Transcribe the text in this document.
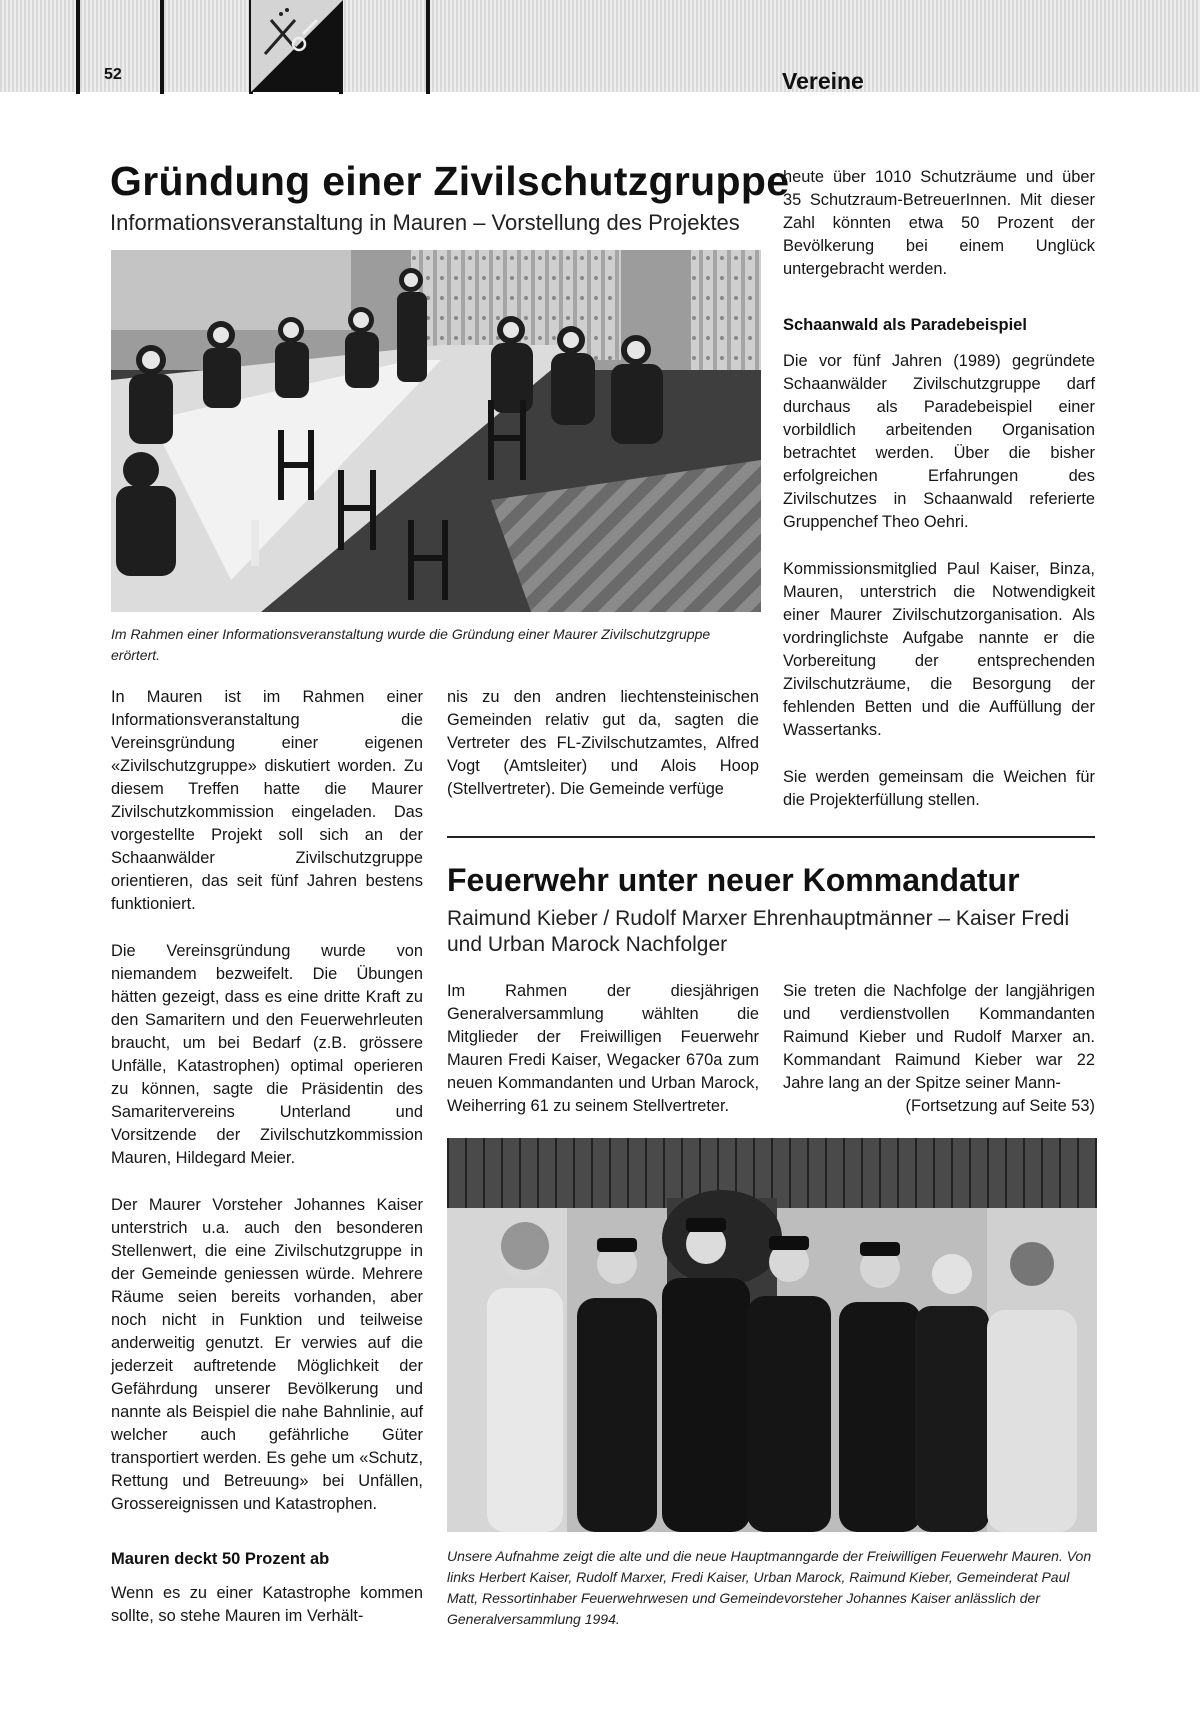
52	Vereine
Gründung einer Zivilschutzgruppe
Informationsveranstaltung in Mauren – Vorstellung des Projektes
Im Rahmen einer Informationsveranstaltung wurde die Gründung einer Maurer Zivilschutzgruppe erörtert.

In Mauren ist im Rahmen einer Informationsveranstaltung die Vereinsgründung einer eigenen «Zivilschutzgruppe» diskutiert worden. Zu diesem Treffen hatte die Maurer Zivilschutzkommission eingeladen. Das vorgestellte Projekt soll sich an der Schaanwälder Zivilschutzgruppe orientieren, das seit fünf Jahren bestens funktioniert.

Die Vereinsgründung wurde von niemandem bezweifelt. Die Übungen hätten gezeigt, dass es eine dritte Kraft zu den Samaritern und den Feuerwehrleuten braucht, um bei Bedarf (z.B. grössere Unfälle, Katastrophen) optimal operieren zu können, sagte die Präsidentin des Samaritervereins Unterland und Vorsitzende der Zivilschutzkommission Mauren, Hildegard Meier.

Der Maurer Vorsteher Johannes Kaiser unterstrich u.a. auch den besonderen Stellenwert, die eine Zivilschutzgruppe in der Gemeinde geniessen würde. Mehrere Räume seien bereits vorhanden, aber noch nicht in Funktion und teilweise anderweitig genutzt. Er verwies auf die jederzeit auftretende Möglichkeit der Gefährdung unserer Bevölkerung und nannte als Beispiel die nahe Bahnlinie, auf welcher auch gefährliche Güter transportiert werden. Es gehe um «Schutz, Rettung und Betreuung» bei Unfällen, Grossereignissen und Katastrophen.

Mauren deckt 50 Prozent ab

Wenn es zu einer Katastrophe kommen sollte, so stehe Mauren im Verhält-

nis zu den andren liechtensteinischen Gemeinden relativ gut da, sagten die Vertreter des FL-Zivilschutzamtes, Alfred Vogt (Amtsleiter) und Alois Hoop (Stellvertreter). Die Gemeinde verfüge

heute über 1010 Schutzräume und über 35 Schutzraum-BetreuerInnen. Mit dieser Zahl könnten etwa 50 Prozent der Bevölkerung bei einem Unglück untergebracht werden.

Schaanwald als Paradebeispiel

Die vor fünf Jahren (1989) gegründete Schaanwälder Zivilschutzgruppe darf durchaus als Paradebeispiel einer vorbildlich arbeitenden Organisation betrachtet werden. Über die bisher erfolgreichen Erfahrungen des Zivilschutzes in Schaanwald referierte Gruppenchef Theo Oehri.

Kommissionsmitglied Paul Kaiser, Binza, Mauren, unterstrich die Notwendigkeit einer Maurer Zivilschutzorganisation. Als vordringlichste Aufgabe nannte er die Vorbereitung der entsprechenden Zivilschutzräume, die Besorgung der fehlenden Betten und die Auffüllung der Wassertanks.

Sie werden gemeinsam die Weichen für die Projekterfüllung stellen.

Feuerwehr unter neuer Kommandatur
Raimund Kieber / Rudolf Marxer Ehrenhauptmänner – Kaiser Fredi und Urban Marock Nachfolger

Im Rahmen der diesjährigen Generalversammlung wählten die Mitglieder der Freiwilligen Feuerwehr Mauren Fredi Kaiser, Wegacker 670a zum neuen Kommandanten und Urban Marock, Weiherring 61 zu seinem Stellvertreter.

Sie treten die Nachfolge der langjährigen und verdienstvollen Kommandanten Raimund Kieber und Rudolf Marxer an. Kommandant Raimund Kieber war 22 Jahre lang an der Spitze seiner Mann-

(Fortsetzung auf Seite 53)
Unsere Aufnahme zeigt die alte und die neue Hauptmanngarde der Freiwilligen Feuerwehr Mauren. Von links Herbert Kaiser, Rudolf Marxer, Fredi Kaiser, Urban Marock, Raimund Kieber, Gemeinderat Paul Matt, Ressortinhaber Feuerwehrwesen und Gemeindevorsteher Johannes Kaiser anlässlich der Generalversammlung 1994.
